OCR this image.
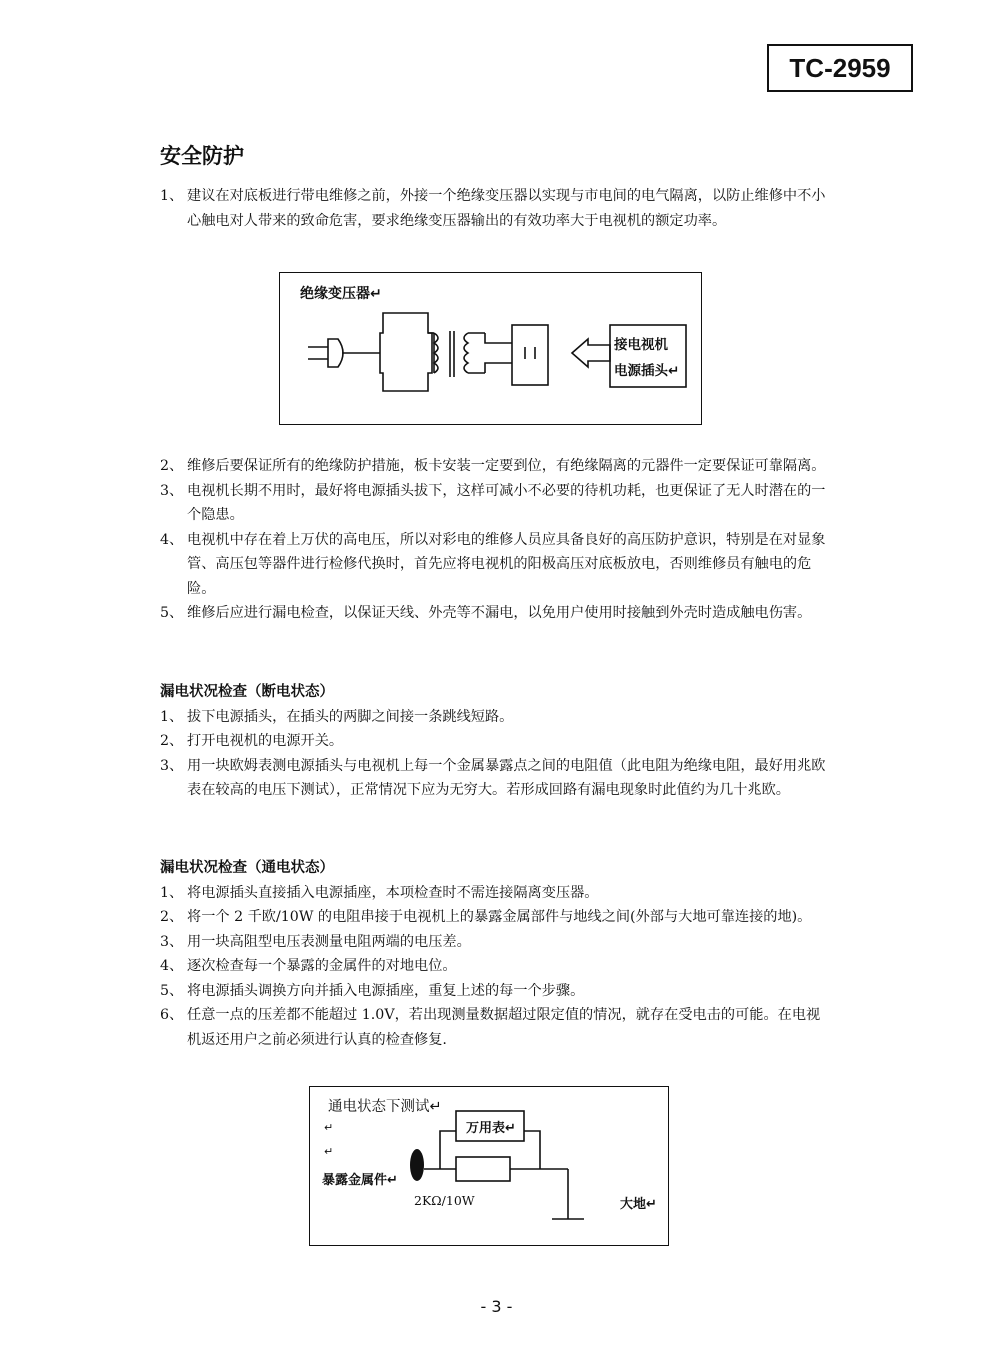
TC-2959
安全防护

1、 建议在对底板进行带电维修之前，外接一个绝缘变压器以实现与市电间的电气隔离，以防止维修中不小心触电对人带来的致命危害，要求绝缘变压器输出的有效功率大于电视机的额定功率。

绝缘变压器↵
接电视机
电源插头↵

2、 维修后要保证所有的绝缘防护措施，板卡安装一定要到位，有绝缘隔离的元器件一定要保证可靠隔离。

3、 电视机长期不用时，最好将电源插头拔下，这样可减小不必要的待机功耗，也更保证了无人时潜在的一个隐患。

4、 电视机中存在着上万伏的高电压，所以对彩电的维修人员应具备良好的高压防护意识，特别是在对显象管、高压包等器件进行检修代换时，首先应将电视机的阳极高压对底板放电，否则维修员有触电的危险。

5、 维修后应进行漏电检查，以保证天线、外壳等不漏电，以免用户使用时接触到外壳时造成触电伤害。

漏电状况检查（断电状态）

1、 拔下电源插头，在插头的两脚之间接一条跳线短路。

2、 打开电视机的电源开关。

3、 用一块欧姆表测电源插头与电视机上每一个金属暴露点之间的电阻值（此电阻为绝缘电阻，最好用兆欧表在较高的电压下测试），正常情况下应为无穷大。若形成回路有漏电现象时此值约为几十兆欧。

漏电状况检查（通电状态）

1、 将电源插头直接插入电源插座，本项检查时不需连接隔离变压器。

2、 将一个 2 千欧/10W 的电阻串接于电视机上的暴露金属部件与地线之间(外部与大地可靠连接的地)。

3、 用一块高阻型电压表测量电阻两端的电压差。

4、 逐次检查每一个暴露的金属件的对地电位。

5、 将电源插头调换方向并插入电源插座，重复上述的每一个步骤。

6、 任意一点的压差都不能超过 1.0V，若出现测量数据超过限定值的情况，就存在受电击的可能。在电视机返还用户之前必须进行认真的检查修复.

通电状态下测试↵
↵
↵
万用表↵
暴露金属件↵
2KΩ/10W	大地↵
- 3 -
